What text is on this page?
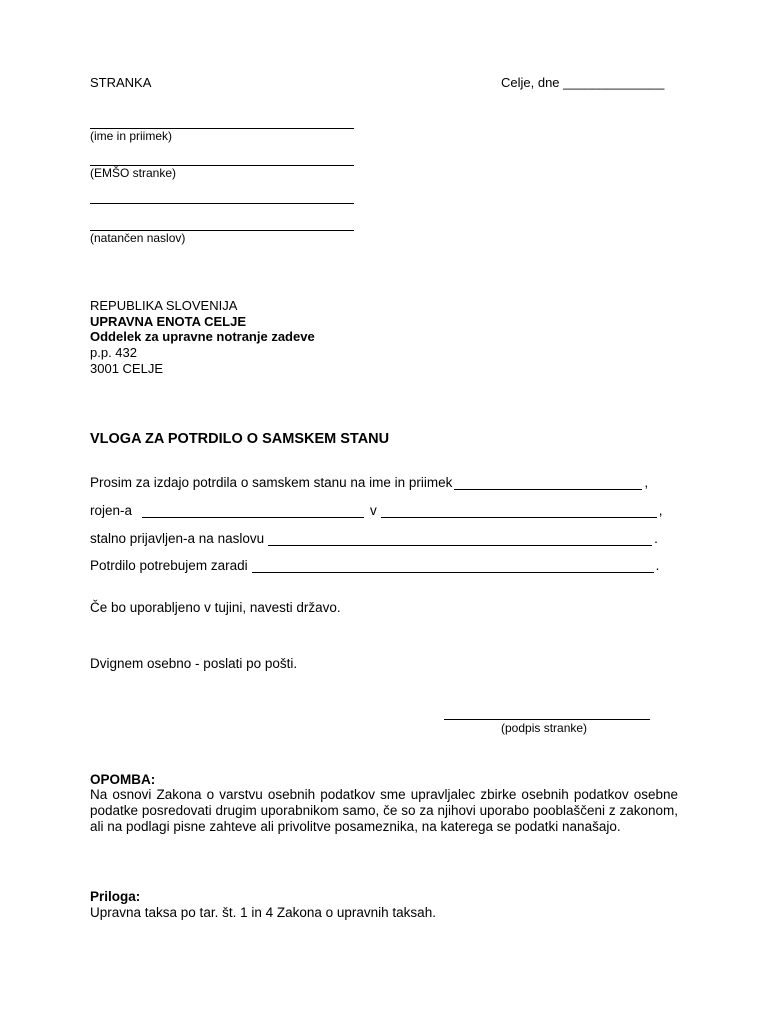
STRANKA	Celje, dne ______________
(ime in priimek)
(EMŠO stranke)
(natančen naslov)
REPUBLIKA SLOVENIJA
UPRAVNA ENOTA CELJE
Oddelek za upravne notranje zadeve
p.p. 432
3001 CELJE
VLOGA ZA POTRDILO O SAMSKEM STANU
Prosim za izdajo potrdila o samskem stanu na ime in priimek	,
rojen-a	v	,
stalno prijavljen-a na naslovu	.
Potrdilo potrebujem zaradi	.
Če bo uporabljeno v tujini, navesti državo.
Dvignem osebno - poslati po pošti.
(podpis stranke)
OPOMBA:
Na osnovi Zakona o varstvu osebnih podatkov sme upravljalec zbirke osebnih podatkov osebne podatke posredovati drugim uporabnikom samo, če so za njihovi uporabo pooblaščeni z zakonom, ali na podlagi pisne zahteve ali privolitve posameznika, na katerega se podatki nanašajo.
Priloga:
Upravna taksa po tar. št. 1 in 4 Zakona o upravnih taksah.
